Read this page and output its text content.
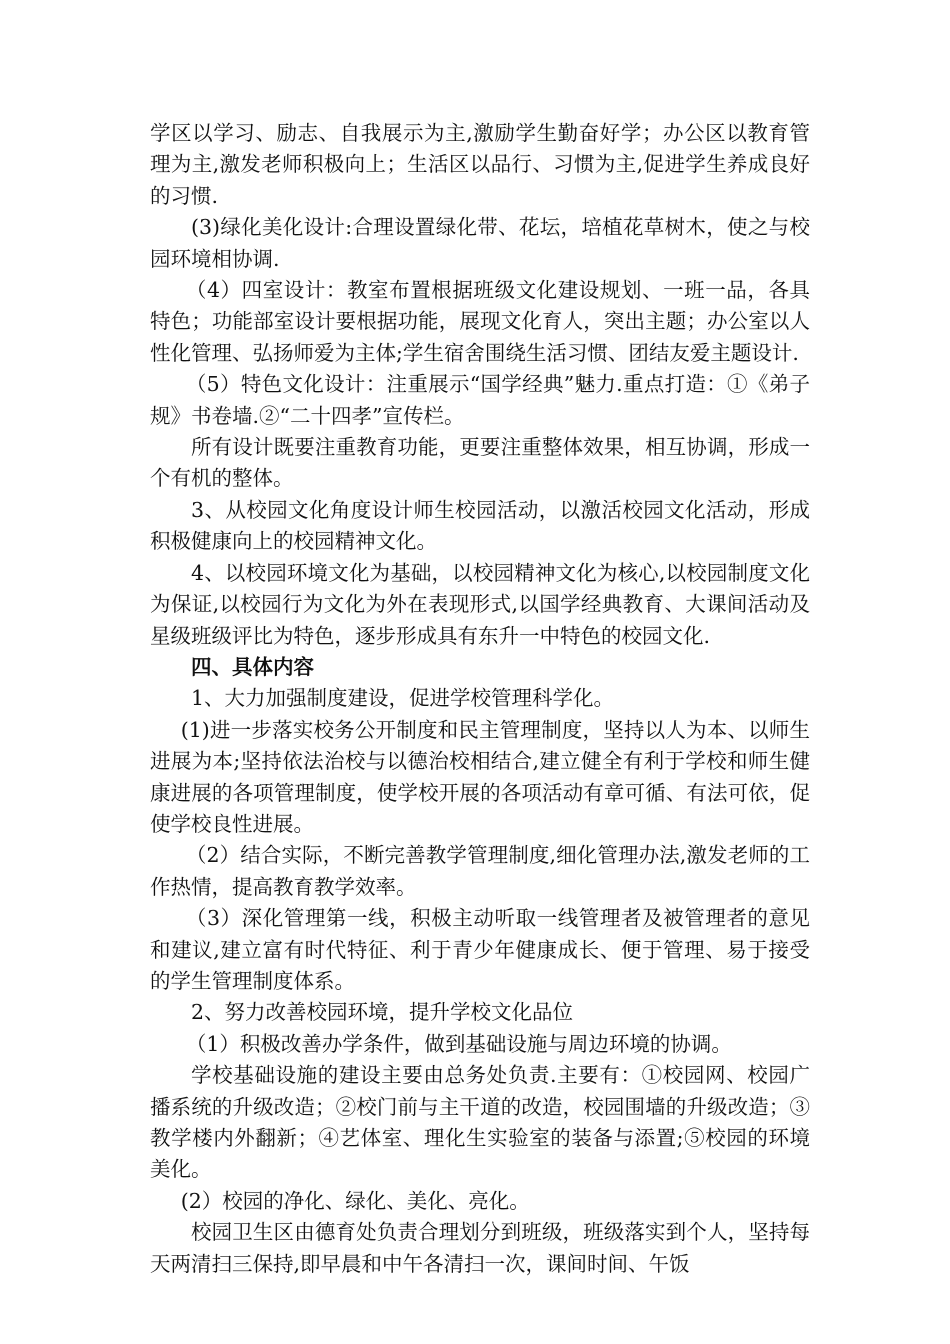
学区以学习、励志、自我展示为主,激励学生勤奋好学；办公区以教育管理为主,激发老师积极向上；生活区以品行、习惯为主,促进学生养成良好的习惯.

(3)绿化美化设计:合理设置绿化带、花坛，培植花草树木，使之与校园环境相协调.

（4）四室设计：教室布置根据班级文化建设规划、一班一品，各具特色；功能部室设计要根据功能，展现文化育人，突出主题；办公室以人性化管理、弘扬师爱为主体;学生宿舍围绕生活习惯、团结友爱主题设计.

（5）特色文化设计：注重展示“国学经典”魅力.重点打造：①《弟子规》书卷墙.②“二十四孝”宣传栏。

所有设计既要注重教育功能，更要注重整体效果，相互协调，形成一个有机的整体。

3、从校园文化角度设计师生校园活动，以激活校园文化活动，形成积极健康向上的校园精神文化。

4、以校园环境文化为基础，以校园精神文化为核心,以校园制度文化为保证,以校园行为文化为外在表现形式,以国学经典教育、大课间活动及星级班级评比为特色，逐步形成具有东升一中特色的校园文化.

四、具体内容

1、大力加强制度建设，促进学校管理科学化。

(1)进一步落实校务公开制度和民主管理制度，坚持以人为本、以师生进展为本;坚持依法治校与以德治校相结合,建立健全有利于学校和师生健康进展的各项管理制度，使学校开展的各项活动有章可循、有法可依，促使学校良性进展。

（2）结合实际，不断完善教学管理制度,细化管理办法,激发老师的工作热情，提高教育教学效率。

（3）深化管理第一线，积极主动听取一线管理者及被管理者的意见和建议,建立富有时代特征、利于青少年健康成长、便于管理、易于接受的学生管理制度体系。

2、努力改善校园环境，提升学校文化品位

（1）积极改善办学条件，做到基础设施与周边环境的协调。

学校基础设施的建设主要由总务处负责.主要有：①校园网、校园广播系统的升级改造；②校门前与主干道的改造，校园围墙的升级改造；③教学楼内外翻新；④艺体室、理化生实验室的装备与添置;⑤校园的环境美化。

(2）校园的净化、绿化、美化、亮化。

校园卫生区由德育处负责合理划分到班级，班级落实到个人，坚持每天两清扫三保持,即早晨和中午各清扫一次，课间时间、午饭
